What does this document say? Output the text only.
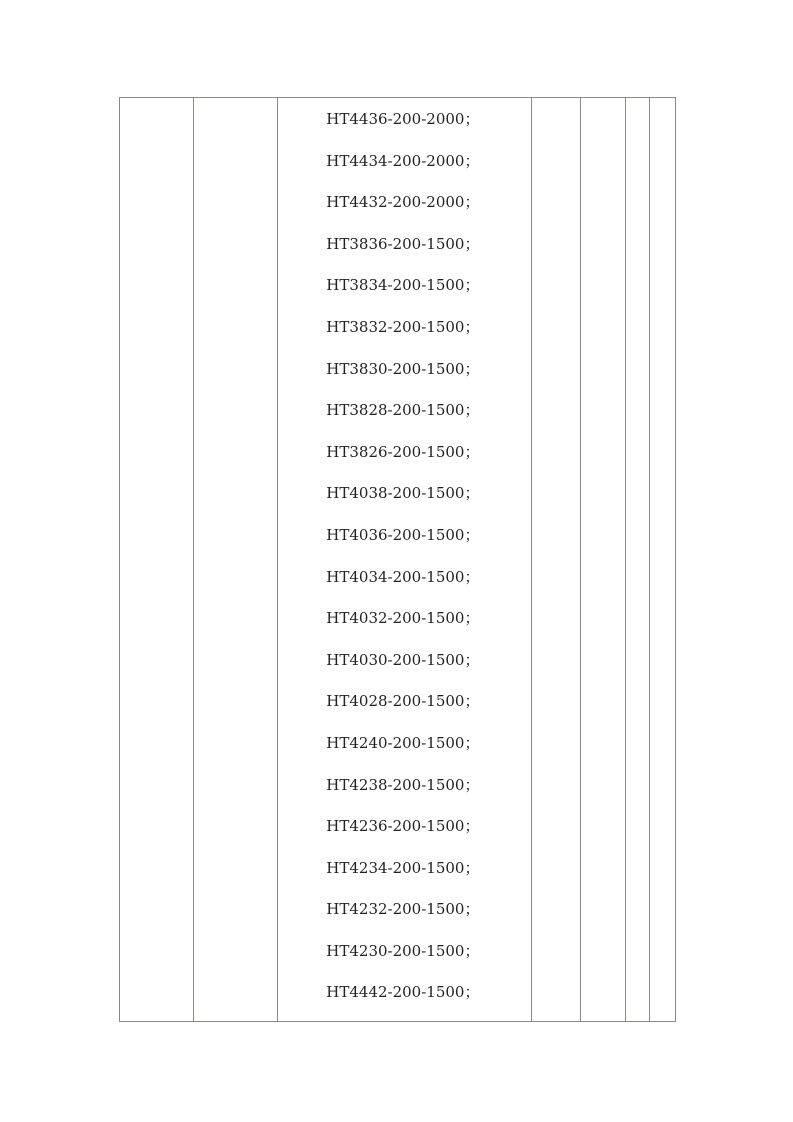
HT4436-200-2000；
HT4434-200-2000；
HT4432-200-2000；
HT3836-200-1500；
HT3834-200-1500；
HT3832-200-1500；
HT3830-200-1500；
HT3828-200-1500；
HT3826-200-1500；
HT4038-200-1500；
HT4036-200-1500；
HT4034-200-1500；
HT4032-200-1500；
HT4030-200-1500；
HT4028-200-1500；
HT4240-200-1500；
HT4238-200-1500；
HT4236-200-1500；
HT4234-200-1500；
HT4232-200-1500；
HT4230-200-1500；
HT4442-200-1500；
